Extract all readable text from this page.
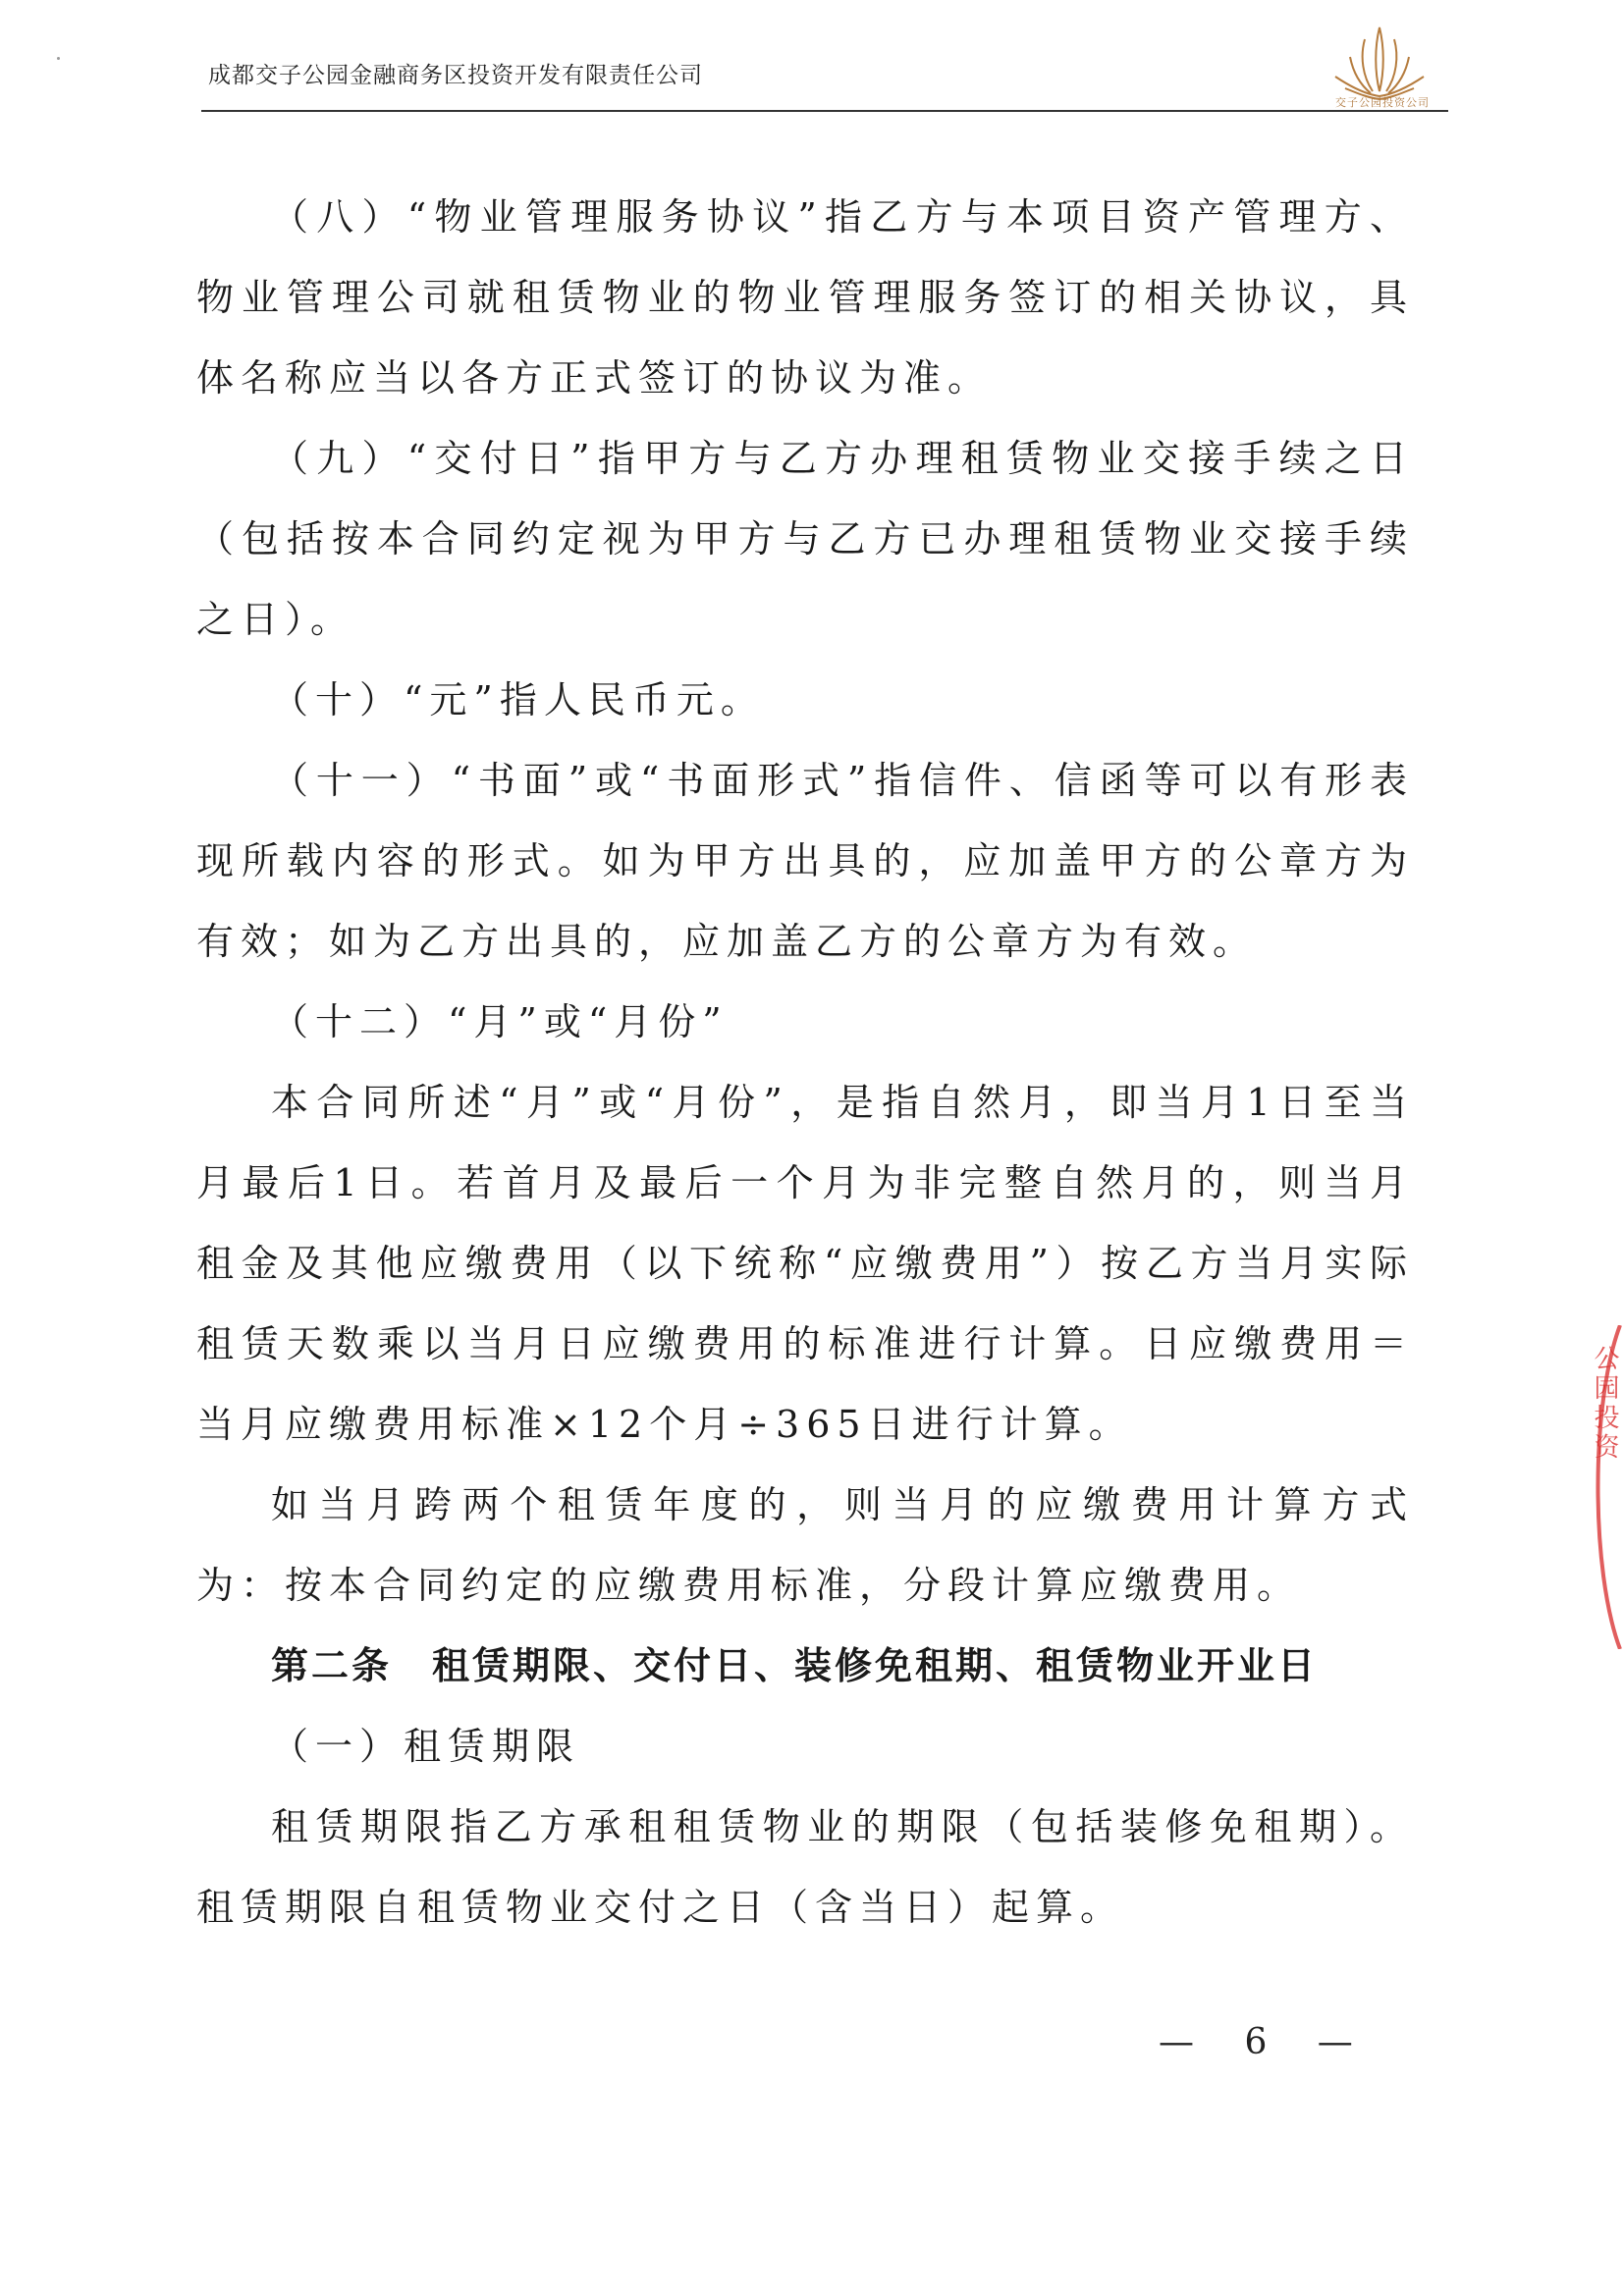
成都交子公园金融商务区投资开发有限责任公司
交子公园投资公司

（八）“物业管理服务协议”指乙方与本项目资产管理方、物业管理公司就租赁物业的物业管理服务签订的相关协议，具体名称应当以各方正式签订的协议为准。

（九）“交付日”指甲方与乙方办理租赁物业交接手续之日（包括按本合同约定视为甲方与乙方已办理租赁物业交接手续之日）。

（十）“元”指人民币元。

（十一）“书面”或“书面形式”指信件、信函等可以有形表现所载内容的形式。如为甲方出具的，应加盖甲方的公章方为有效；如为乙方出具的，应加盖乙方的公章方为有效。

（十二）“月”或“月份”

本合同所述“月”或“月份”，是指自然月，即当月1日至当月最后1日。若首月及最后一个月为非完整自然月的，则当月租金及其他应缴费用（以下统称“应缴费用”）按乙方当月实际租赁天数乘以当月日应缴费用的标准进行计算。日应缴费用＝当月应缴费用标准×12个月÷365日进行计算。

如当月跨两个租赁年度的，则当月的应缴费用计算方式为：按本合同约定的应缴费用标准，分段计算应缴费用。

第二条　租赁期限、交付日、装修免租期、租赁物业开业日

（一）租赁期限

租赁期限指乙方承租租赁物业的期限（包括装修免租期）。租赁期限自租赁物业交付之日（含当日）起算。

— 6 —
公园投资
